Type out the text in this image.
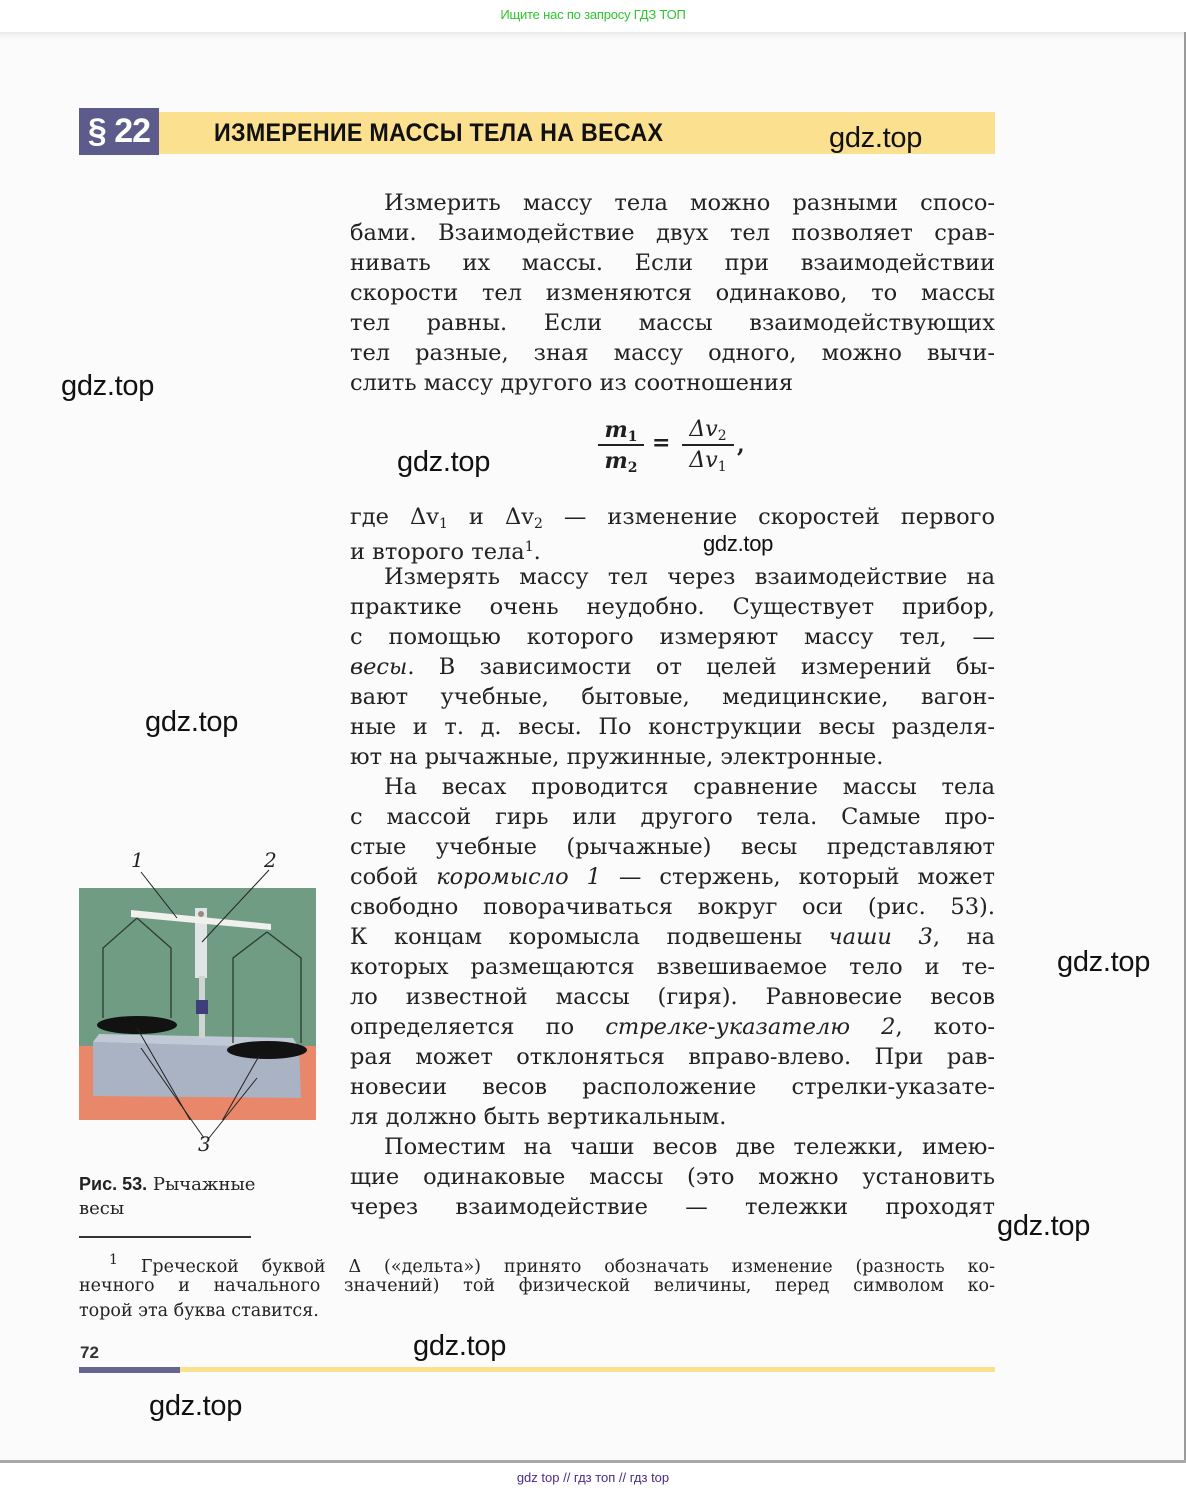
Ищите нас по запросу ГДЗ ТОП
§ 22	ИЗМЕРЕНИЕ МАССЫ ТЕЛА НА ВЕСАХ
Измерить массу тела можно разными спосо-
бами. Взаимодействие двух тел позволяет срав-
нивать их массы. Если при взаимодействии
скорости тел изменяются одинаково, то массы
тел равны. Если массы взаимодействующих
тел разные, зная массу одного, можно вычи-
слить массу другого из соотношения
$m_1$
$m_2$
=
$\Delta v_2$
$\Delta v_1$
,
где $\Delta v_1$ и $\Delta v_2$ — изменение скоростей первого
и второго тела$^1$.
Измерять массу тел через взаимодействие на
практике очень неудобно. Существует прибор,
с помощью которого измеряют массу тел, —
весы. В зависимости от целей измерений бы-
вают учебные, бытовые, медицинские, вагон-
ные и т. д. весы. По конструкции весы разделя-
ют на рычажные, пружинные, электронные.
На весах проводится сравнение массы тела
с массой гирь или другого тела. Самые про-
стые учебные (рычажные) весы представляют
собой коромысло 1 — стержень, который может
свободно поворачиваться вокруг оси (рис. 53).
К концам коромысла подвешены чаши 3, на
которых размещаются взвешиваемое тело и те-
ло известной массы (гиря). Равновесие весов
определяется по стрелке-указателю 2, кото-
рая может отклоняться вправо-влево. При рав-
новесии весов расположение стрелки-указате-
ля должно быть вертикальным.
Поместим на чаши весов две тележки, имею-
щие одинаковые массы (это можно установить
через взаимодействие — тележки проходят
1	2
3
Рис. 53. Рычажные
весы
$^1$ Греческой буквой Δ («дельта») принято обозначать изменение (разность ко-
нечного и начального значений) той физической величины, перед символом ко-
торой эта буква ставится.
72
gdz.top
gdz.top
gdz.top
gdz.top
gdz.top
gdz.top
gdz.top
gdz.top
gdz.top
gdz top // гдз топ // гдз top
